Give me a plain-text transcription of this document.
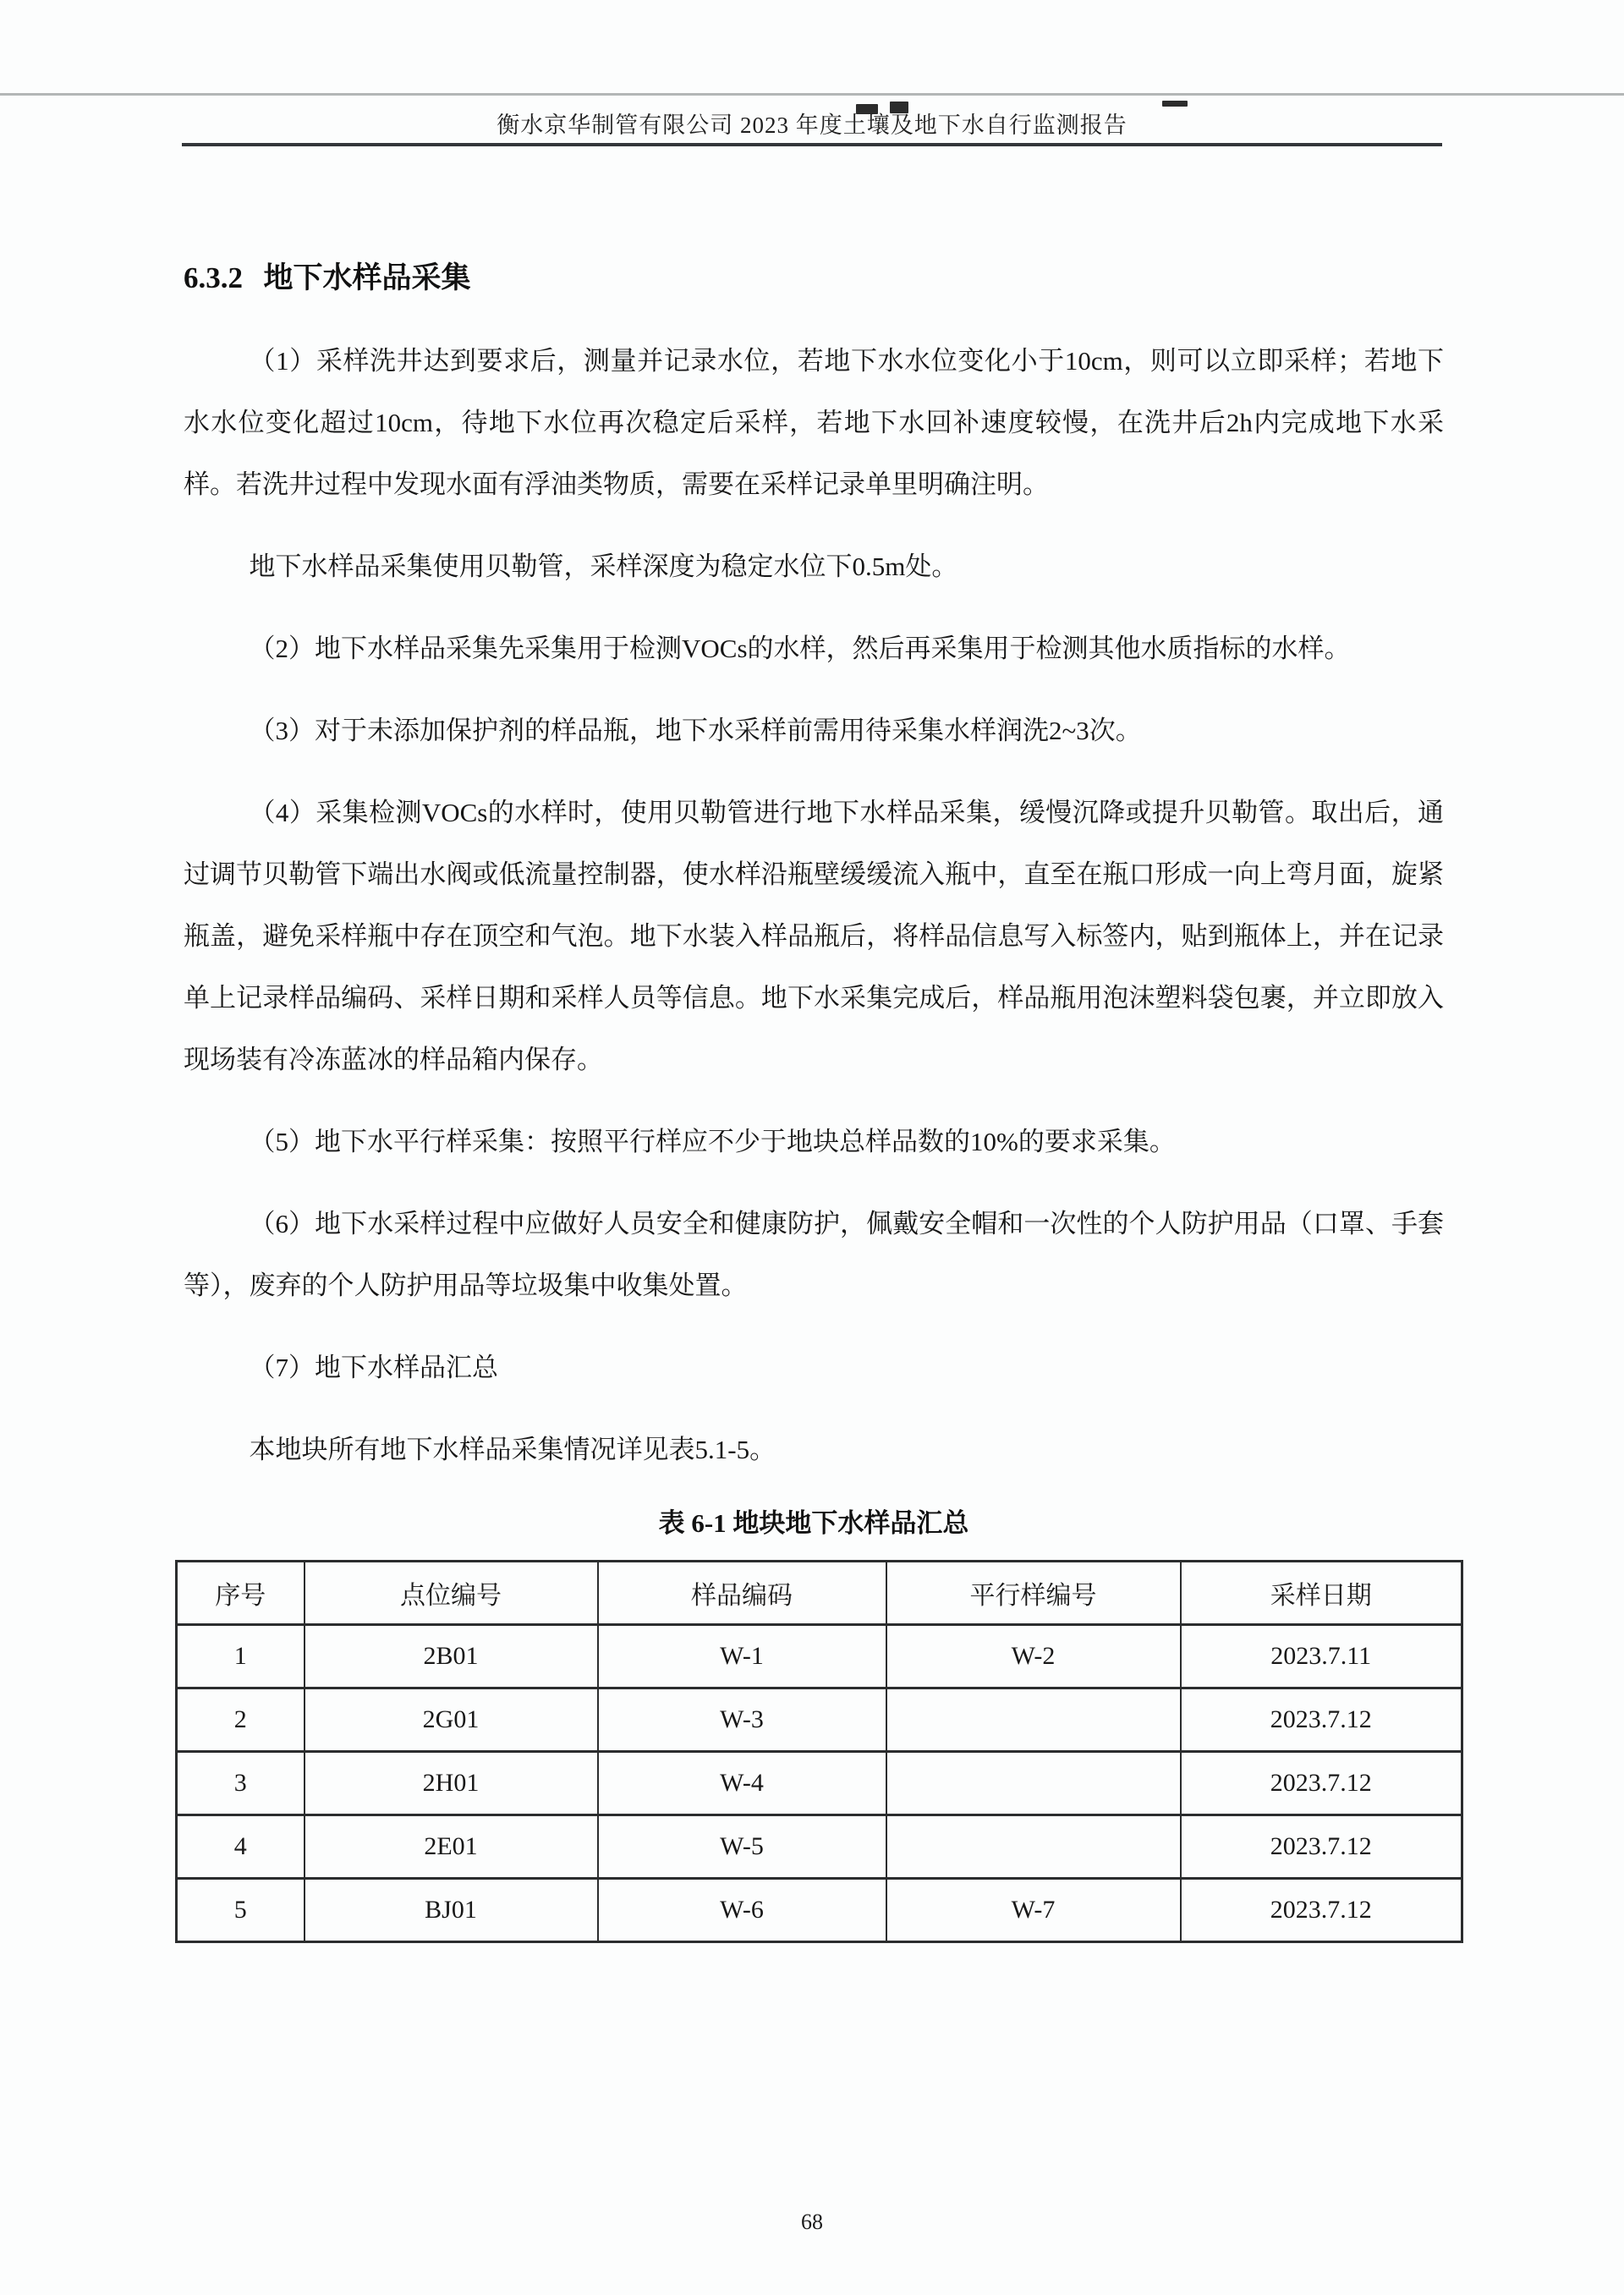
衡水京华制管有限公司 2023 年度土壤及地下水自行监测报告
6.3.2 地下水样品采集

（1）采样洗井达到要求后，测量并记录水位，若地下水水位变化小于10cm，则可以立即采样；若地下水水位变化超过10cm，待地下水位再次稳定后采样，若地下水回补速度较慢，在洗井后2h内完成地下水采样。若洗井过程中发现水面有浮油类物质，需要在采样记录单里明确注明。

地下水样品采集使用贝勒管，采样深度为稳定水位下0.5m处。

（2）地下水样品采集先采集用于检测VOCs的水样，然后再采集用于检测其他水质指标的水样。

（3）对于未添加保护剂的样品瓶，地下水采样前需用待采集水样润洗2~3次。

（4）采集检测VOCs的水样时，使用贝勒管进行地下水样品采集，缓慢沉降或提升贝勒管。取出后，通过调节贝勒管下端出水阀或低流量控制器，使水样沿瓶壁缓缓流入瓶中，直至在瓶口形成一向上弯月面，旋紧瓶盖，避免采样瓶中存在顶空和气泡。地下水装入样品瓶后，将样品信息写入标签内，贴到瓶体上，并在记录单上记录样品编码、采样日期和采样人员等信息。地下水采集完成后，样品瓶用泡沫塑料袋包裹，并立即放入现场装有冷冻蓝冰的样品箱内保存。

（5）地下水平行样采集：按照平行样应不少于地块总样品数的10%的要求采集。

（6）地下水采样过程中应做好人员安全和健康防护，佩戴安全帽和一次性的个人防护用品（口罩、手套等），废弃的个人防护用品等垃圾集中收集处置。

（7）地下水样品汇总

本地块所有地下水样品采集情况详见表5.1-5。

表 6-1 地块地下水样品汇总
序号	点位编号	样品编码	平行样编号	采样日期
1	2B01	W-1	W-2	2023.7.11
2	2G01	W-3		2023.7.12
3	2H01	W-4		2023.7.12
4	2E01	W-5		2023.7.12
5	BJ01	W-6	W-7	2023.7.12
68
